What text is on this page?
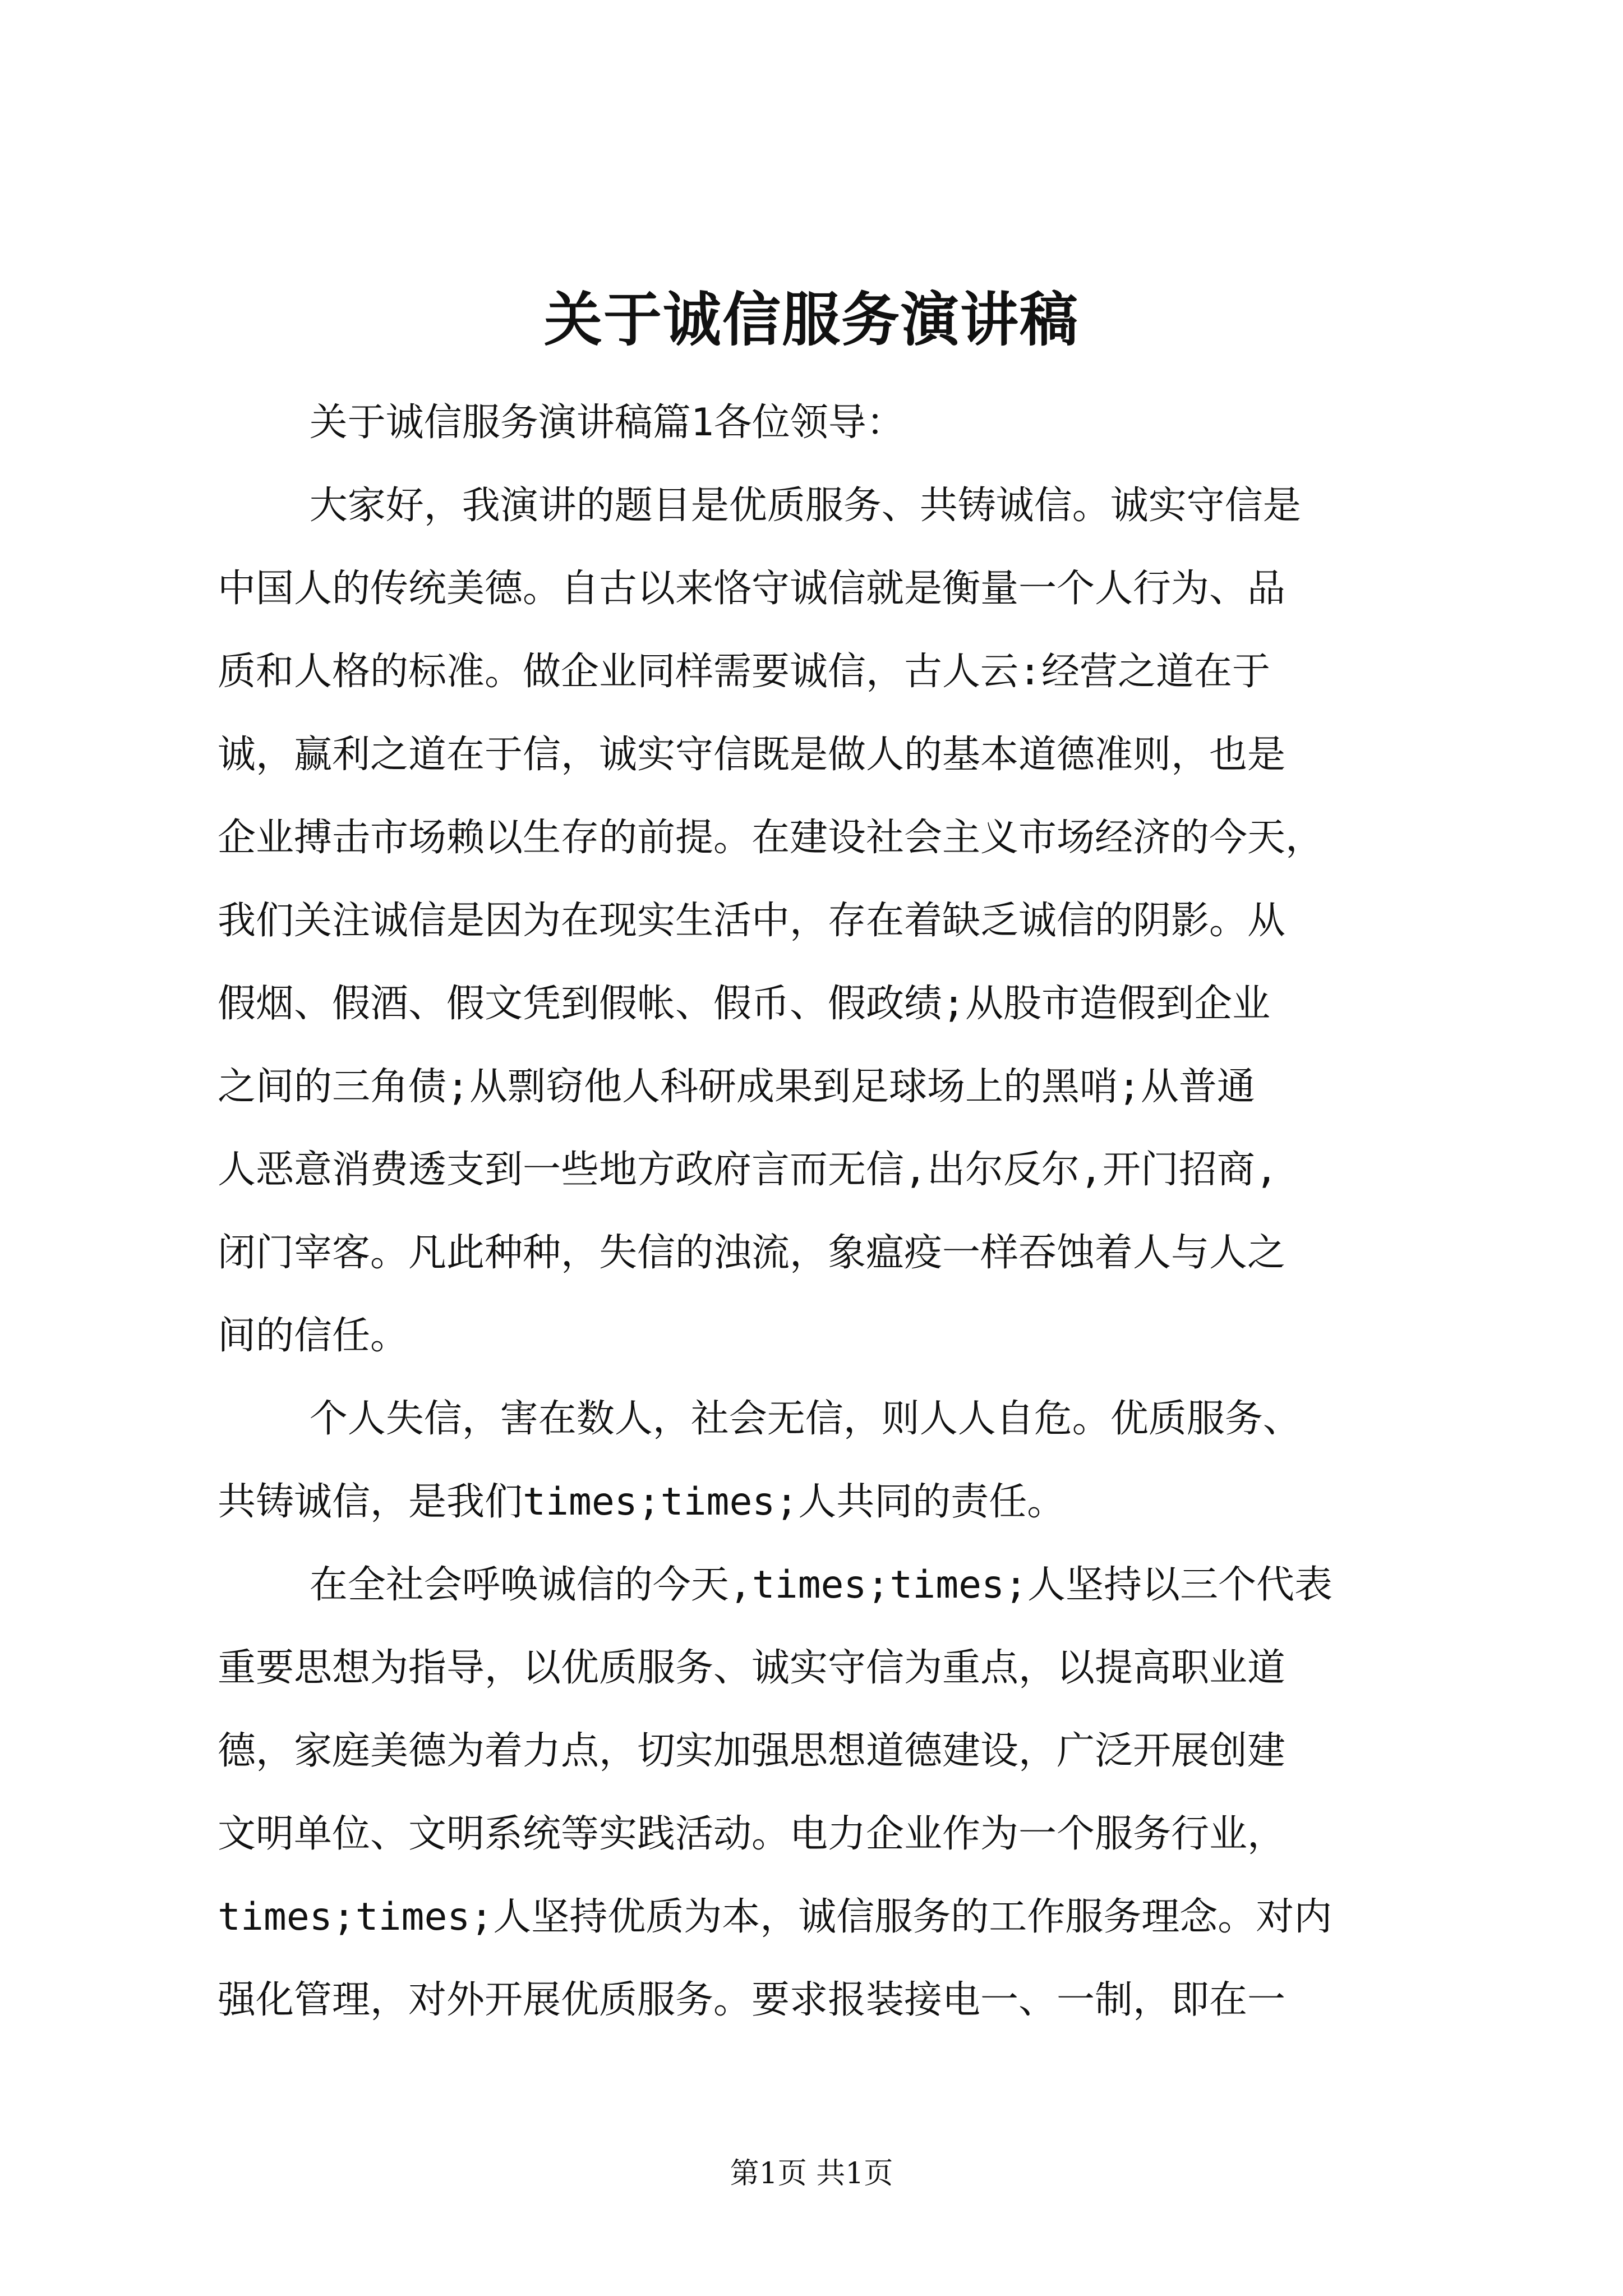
关于诚信服务演讲稿
关于诚信服务演讲稿篇1各位领导：
大家好，我演讲的题目是优质服务、共铸诚信。诚实守信是
中国人的传统美德。自古以来恪守诚信就是衡量一个人行为、品
质和人格的标准。做企业同样需要诚信，古人云:经营之道在于
诚，赢利之道在于信，诚实守信既是做人的基本道德准则，也是
企业搏击市场赖以生存的前提。在建设社会主义市场经济的今天，
我们关注诚信是因为在现实生活中，存在着缺乏诚信的阴影。从
假烟、假酒、假文凭到假帐、假币、假政绩;从股市造假到企业
之间的三角债;从剽窃他人科研成果到足球场上的黑哨;从普通
人恶意消费透支到一些地方政府言而无信,出尔反尔,开门招商,
闭门宰客。凡此种种，失信的浊流，象瘟疫一样吞蚀着人与人之
间的信任。
个人失信，害在数人，社会无信，则人人自危。优质服务、
共铸诚信，是我们times;times;人共同的责任。
在全社会呼唤诚信的今天,times;times;人坚持以三个代表
重要思想为指导，以优质服务、诚实守信为重点，以提高职业道
德，家庭美德为着力点，切实加强思想道德建设，广泛开展创建
文明单位、文明系统等实践活动。电力企业作为一个服务行业，
times;times;人坚持优质为本，诚信服务的工作服务理念。对内
强化管理，对外开展优质服务。要求报装接电一、一制，即在一
第1页 共1页
